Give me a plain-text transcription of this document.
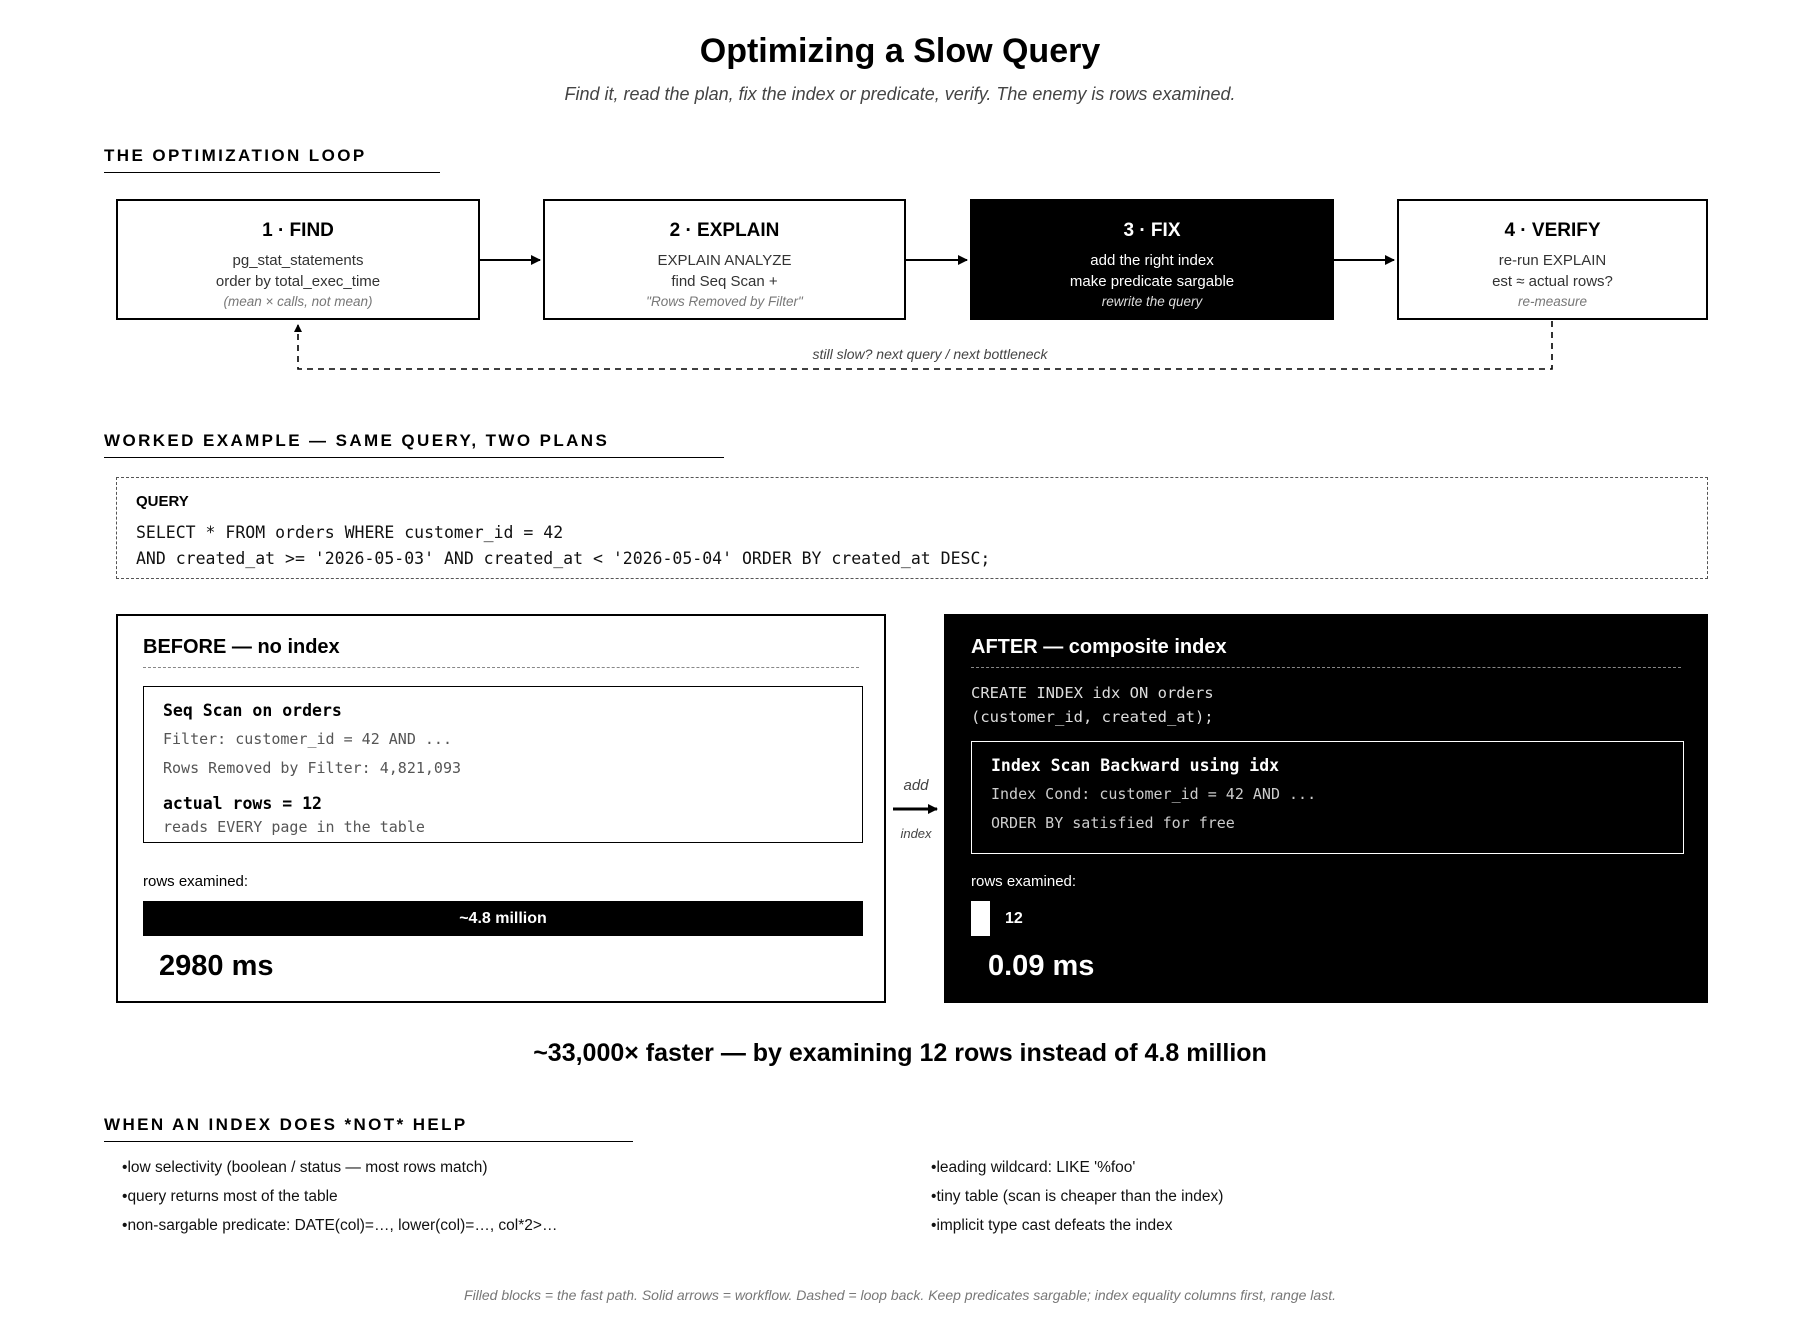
Optimizing a Slow Query
Find it, read the plan, fix the index or predicate, verify. The enemy is rows examined.
THE OPTIMIZATION LOOP
1 · FIND
pg_stat_statements
order by total_exec_time
(mean × calls, not mean)
2 · EXPLAIN
EXPLAIN ANALYZE
find Seq Scan +
"Rows Removed by Filter"
3 · FIX
add the right index
make predicate sargable
rewrite the query
4 · VERIFY
re-run EXPLAIN
est ≈ actual rows?
re-measure
still slow? next query / next bottleneck
WORKED EXAMPLE — SAME QUERY, TWO PLANS
QUERY
SELECT * FROM orders WHERE customer_id = 42
AND created_at >= '2026-05-03' AND created_at < '2026-05-04' ORDER BY created_at DESC;
BEFORE — no index
Seq Scan on orders
Filter: customer_id = 42 AND ...
Rows Removed by Filter: 4,821,093
actual rows = 12
reads EVERY page in the table
rows examined:
~4.8 million
2980 ms
add
index
AFTER — composite index
CREATE INDEX idx ON orders
(customer_id, created_at);
Index Scan Backward using idx
Index Cond: customer_id = 42 AND ...
ORDER BY satisfied for free
rows examined:
12
0.09 ms
~33,000× faster — by examining 12 rows instead of 4.8 million
WHEN AN INDEX DOES *NOT* HELP
• low selectivity (boolean / status — most rows match)
• query returns most of the table
• non-sargable predicate: DATE(col)=…, lower(col)=…, col*2>…
• leading wildcard: LIKE '%foo'
• tiny table (scan is cheaper than the index)
• implicit type cast defeats the index
Filled blocks = the fast path. Solid arrows = workflow. Dashed = loop back. Keep predicates sargable; index equality columns first, range last.
